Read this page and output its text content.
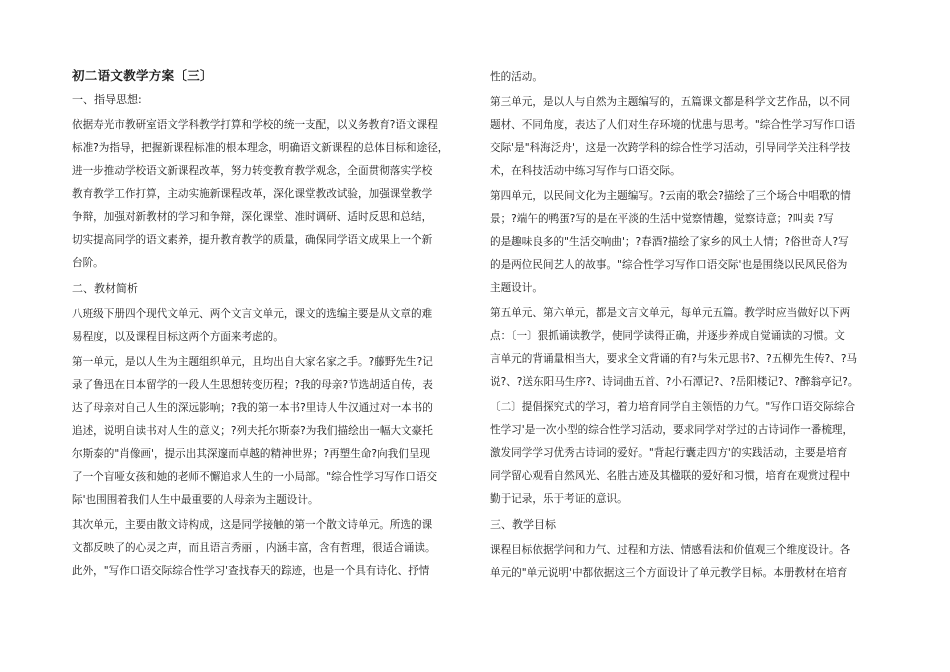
初二语文教学方案〔三〕
一、指导思想:
依据寿光市教研室语文学科教学打算和学校的统一支配，以义务教育?语文课程
标准?为指导，把握新课程标准的根本理念，明确语文新课程的总体目标和途径，
进一步推动学校语文新课程改革，努力转变教育教学观念，全面贯彻落实学校
教育教学工作打算，主动实施新课程改革，深化课堂教改试验，加强课堂教学
争辩，加强对新教材的学习和争辩，深化课堂、准时调研、适时反思和总结，
切实提高同学的语文素养，提升教育教学的质量，确保同学语文成果上一个新
台阶。
二、教材简析
八班级下册四个现代文单元、两个文言文单元，课文的选编主要是从文章的难
易程度，以及课程目标这两个方面来考虑的。
第一单元，是以人生为主题组织单元，且均出自大家名家之手。?藤野先生?记
录了鲁迅在日本留学的一段人生思想转变历程；?我的母亲?节选胡适自传，表
达了母亲对自己人生的深远影响；?我的第一本书?里诗人牛汉通过对一本书的
追述，说明自读书对人生的意义；?列夫托尔斯泰?为我们描绘出一幅大文豪托
尔斯泰的"肖像画'，提示出其深邃而卓越的精神世界；?再塑生命?向我们呈现
了一个盲哑女孩和她的老师不懈追求人生的一小局部。"综合性学习写作口语交
际'也围围着我们人生中最重要的人母亲为主题设计。
其次单元，主要由散文诗构成，这是同学接触的第一个散文诗单元。所选的课
文都反映了的心灵之声，而且语言秀丽 ，内涵丰富，含有哲理，很适合诵读。
此外，"写作口语交际综合性学习'查找春天的踪迹，也是一个具有诗化、抒情
性的活动。
第三单元，是以人与自然为主题编写的，五篇课文都是科学文艺作品，以不同
题材、不同角度，表达了人们对生存环境的忧患与思考。"综合性学习写作口语
交际'是"科海泛舟'，这是一次跨学科的综合性学习活动，引导同学关注科学技
术，在科技活动中练习写作与口语交际。
第四单元，以民间文化为主题编写。?云南的歌会?描绘了三个场合中唱歌的情
景；?端午的鸭蛋?写的是在平淡的生活中觉察情趣，觉察诗意；?叫卖 ?写
的是趣味良多的"生活交响曲'；?春酒?描绘了家乡的风土人情；?俗世奇人?写
的是两位民间艺人的故事。"综合性学习写作口语交际'也是围绕以民风民俗为
主题设计。
第五单元、第六单元，都是文言文单元，每单元五篇。教学时应当做好以下两
点：〔一〕狠抓诵读教学，使同学读得正确，并逐步养成自觉诵读的习惯。文
言单元的背诵量相当大，要求全文背诵的有?与朱元思书?、?五柳先生传?、?马
说?、?送东阳马生序?、诗词曲五首、?小石潭记?、?岳阳楼记?、?醉翁亭记?。
〔二〕提倡探究式的学习，着力培育同学自主领悟的力气。"写作口语交际综合
性学习'是一次小型的综合性学习活动，要求同学对学过的古诗词作一番梳理，
激发同学学习优秀古诗词的爱好。"背起行囊走四方'的实践活动，主要是培育
同学留心观看自然风光、名胜古迹及其楹联的爱好和习惯，培育在观赏过程中
勤于记录，乐于考证的意识。
三、教学目标
课程目标依据学问和力气、过程和方法、情感看法和价值观三个维度设计。各
单元的"单元说明'中都依据这三个方面设计了单元教学目标。本册教材在培育
